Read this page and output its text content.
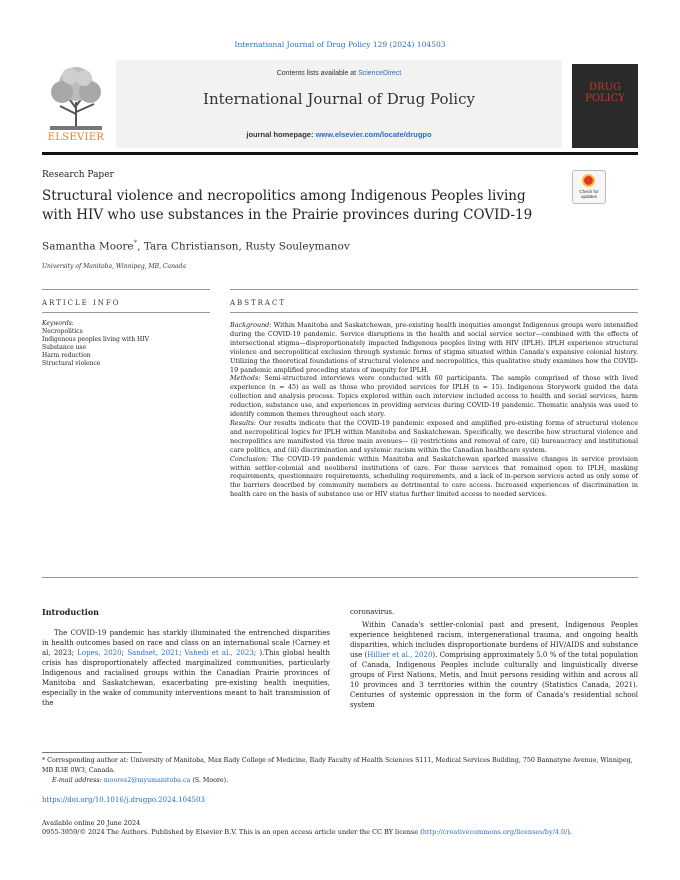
International Journal of Drug Policy 129 (2024) 104503
ELSEVIER
Contents lists available at ScienceDirect
International Journal of Drug Policy
journal homepage: www.elsevier.com/locate/drugpo
DRUG
POLICY
Research Paper
Structural violence and necropolitics among Indigenous Peoples living with HIV who use substances in the Prairie provinces during COVID-19
Check for
updates
Samantha Moore*, Tara Christianson, Rusty Souleymanov
University of Manitoba, Winnipeg, MB, Canada
ARTICLE INFO	ABSTRACT
Keywords:
Necropolitics
Indigenous peoples living with HIV
Substance use
Harm reduction
Structural violence

Background: Within Manitoba and Saskatchewan, pre-existing health inequities amongst Indigenous groups were intensified during the COVID-19 pandemic. Service disruptions in the health and social service sector—combined with the effects of intersectional stigma—disproportionately impacted Indigenous peoples living with HIV (IPLH). IPLH experience structural violence and necropolitical exclusion through systemic forms of stigma situated within Canada's expansive colonial history. Utilizing the theoretical foundations of structural violence and necropolitics, this qualitative study examines how the COVID-19 pandemic amplified preceding states of inequity for IPLH.

Methods: Semi-structured interviews were conducted with 60 participants. The sample comprised of those with lived experience (n = 45) as well as those who provided services for IPLH (n = 15). Indigenous Storywork guided the data collection and analysis process. Topics explored within each interview included access to health and social services, harm reduction, substance use, and experiences in providing services during COVID-19 pandemic. Thematic analysis was used to identify common themes throughout each story.

Results: Our results indicate that the COVID-19 pandemic exposed and amplified pre-existing forms of structural violence and necropolitical logics for IPLH within Manitoba and Saskatchewan. Specifically, we describe how structural violence and necropolitics are manifested via three main avenues— (i) restrictions and removal of care, (ii) bureaucracy and institutional care politics, and (iii) discrimination and systemic racism within the Canadian healthcare system.

Conclusion: The COVID-19 pandemic within Manitoba and Saskatchewan sparked massive changes in service provision within settler-colonial and neoliberal institutions of care. For those services that remained open to IPLH, masking requirements, questionnaire requirements, scheduling requirements, and a lack of in-person services acted as only some of the barriers described by community members as detrimental to care access. Increased experiences of discrimination in health care on the basis of substance use or HIV status further limited access to needed services.

Introduction

The COVID-19 pandemic has starkly illuminated the entrenched disparities in health outcomes based on race and class on an international scale (Carney et al, 2023; Lopes, 2020; Sandset, 2021; Vahedi et al., 2023; ).This global health crisis has disproportionately affected marginalized communities, particularly Indigenous and racialised groups within the Canadian Prairie provinces of Manitoba and Saskatchewan, exacerbating pre-existing health inequities, especially in the wake of community interventions meant to halt transmission of the

coronavirus.

Within Canada's settler-colonial past and present, Indigenous Peoples experience heightened racism, intergenerational trauma, and ongoing health disparities, which includes disproportionate burdens of HIV/AIDS and substance use (Hillier et al., 2020). Comprising approximately 5.0 % of the total population of Canada, Indigenous Peoples include culturally and linguistically diverse groups of First Nations, Metis, and Inuit persons residing within and across all 10 provinces and 3 territories within the country (Statistics Canada, 2021). Centuries of systemic oppression in the form of Canada's residential school system

* Corresponding author at: University of Manitoba, Max Rady College of Medicine, Rady Faculty of Health Sciences S111, Medical Services Building, 750 Bannatyne Avenue, Winnipeg, MB R3E 0W3, Canada.
E-mail address: moores2@myumanitoba.ca (S. Moore).
https://doi.org/10.1016/j.drugpo.2024.104503
Available online 20 June 2024
0955-3959/© 2024 The Authors. Published by Elsevier B.V. This is an open access article under the CC BY license (http://creativecommons.org/licenses/by/4.0/).
